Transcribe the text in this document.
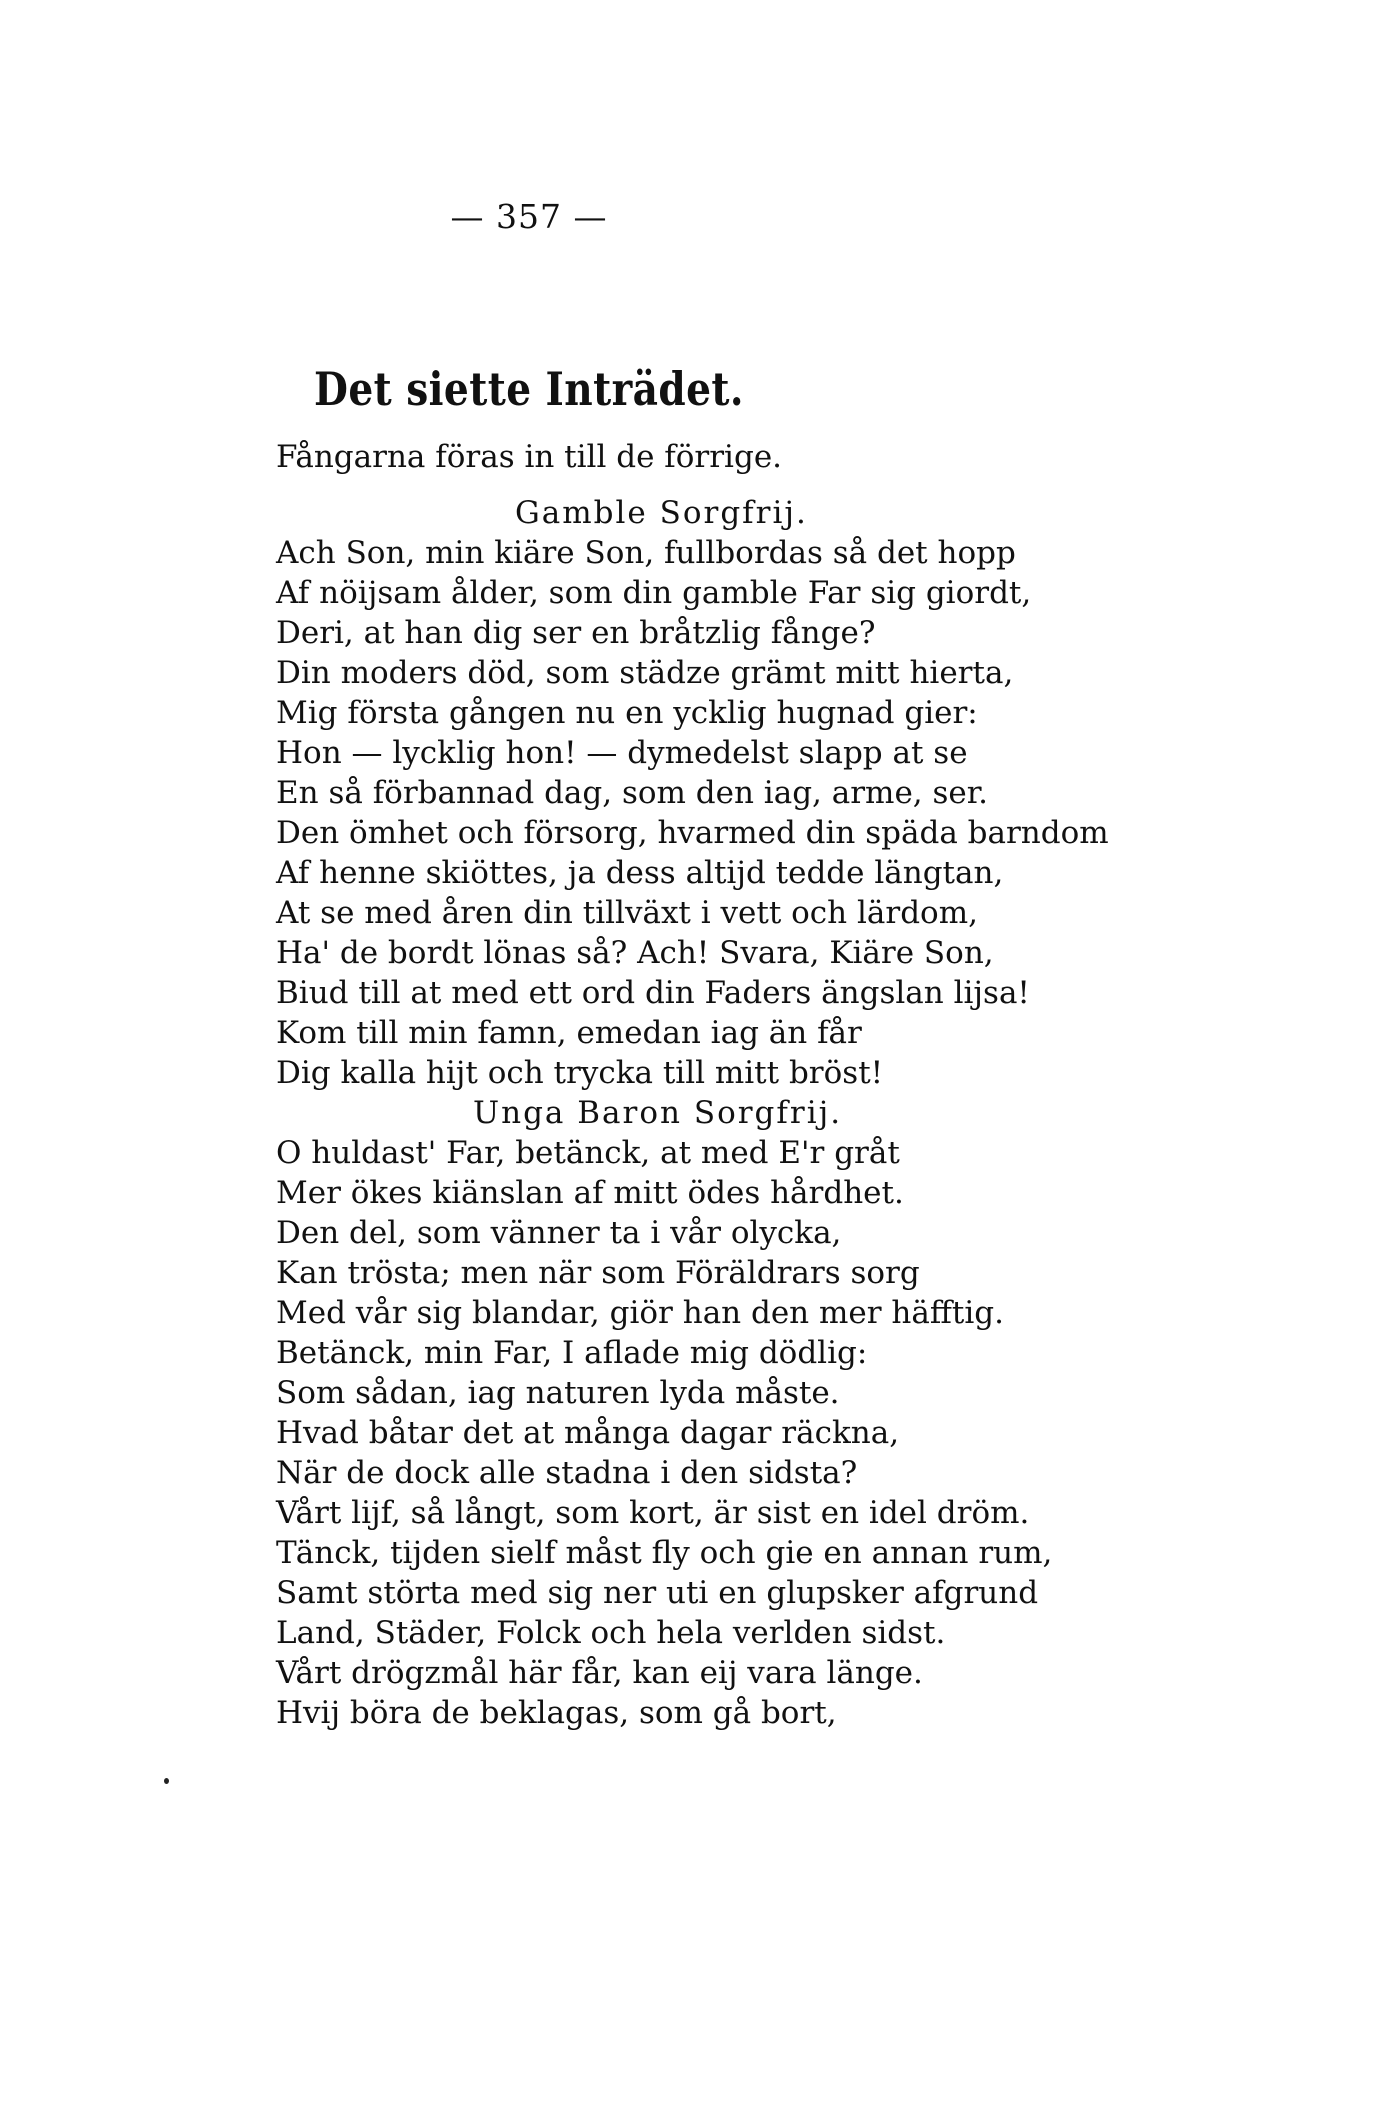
— 357 —
Det siette Inträdet.
Fångarna föras in till de förrige.
Gamble Sorgfrij.
Ach Son, min kiäre Son, fullbordas så det hopp
Af nöijsam ålder, som din gamble Far sig giordt,
Deri, at han dig ser en bråtzlig fånge?
Din moders död, som städze grämt mitt hierta,
Mig första gången nu en ycklig hugnad gier:
Hon — lycklig hon! — dymedelst slapp at se
En så förbannad dag, som den iag, arme, ser.
Den ömhet och försorg, hvarmed din späda barndom
Af henne skiöttes, ja dess altijd tedde längtan,
At se med åren din tillväxt i vett och lärdom,
Ha' de bordt lönas så? Ach! Svara, Kiäre Son,
Biud till at med ett ord din Faders ängslan lijsa!
Kom till min famn, emedan iag än får
Dig kalla hijt och trycka till mitt bröst!
Unga Baron Sorgfrij.
O huldast' Far, betänck, at med E'r gråt
Mer ökes kiänslan af mitt ödes hårdhet.
Den del, som vänner ta i vår olycka,
Kan trösta; men när som Föräldrars sorg
Med vår sig blandar, giör han den mer häfftig.
Betänck, min Far, I aflade mig dödlig:
Som sådan, iag naturen lyda måste.
Hvad båtar det at många dagar räckna,
När de dock alle stadna i den sidsta?
Vårt lijf, så långt, som kort, är sist en idel dröm.
Tänck, tijden sielf måst fly och gie en annan rum,
Samt störta med sig ner uti en glupsker afgrund
Land, Städer, Folck och hela verlden sidst.
Vårt drögzmål här får, kan eij vara länge.
Hvij böra de beklagas, som gå bort,
